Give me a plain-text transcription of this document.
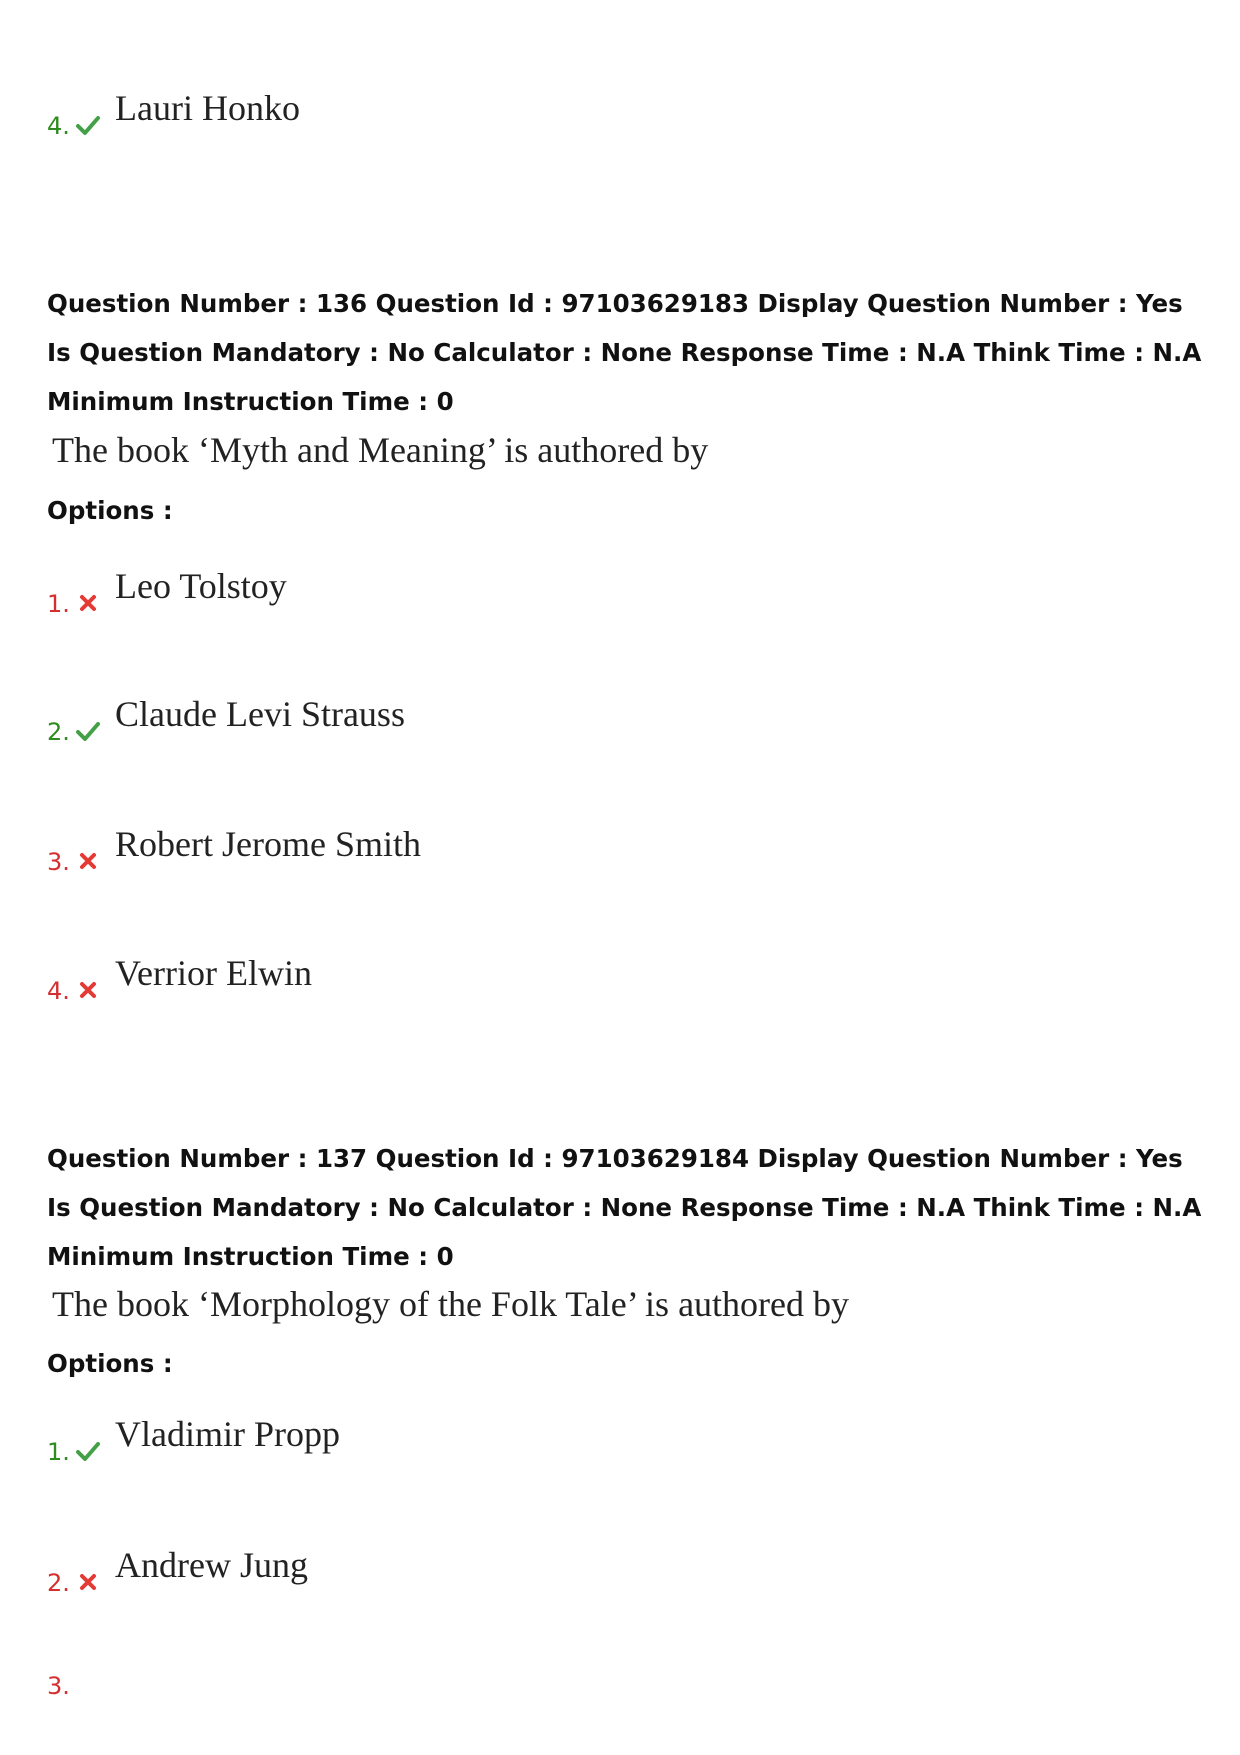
4. Lauri Honko
Question Number : 136 Question Id : 97103629183 Display Question Number : Yes Is Question Mandatory : No Calculator : None Response Time : N.A Think Time : N.A Minimum Instruction Time : 0
The book ‘Myth and Meaning’ is authored by
Options :
1. Leo Tolstoy
2. Claude Levi Strauss
3. Robert Jerome Smith
4. Verrior Elwin
Question Number : 137 Question Id : 97103629184 Display Question Number : Yes Is Question Mandatory : No Calculator : None Response Time : N.A Think Time : N.A Minimum Instruction Time : 0
The book ‘Morphology of the Folk Tale’ is authored by
Options :
1. Vladimir Propp
2. Andrew Jung
3.
